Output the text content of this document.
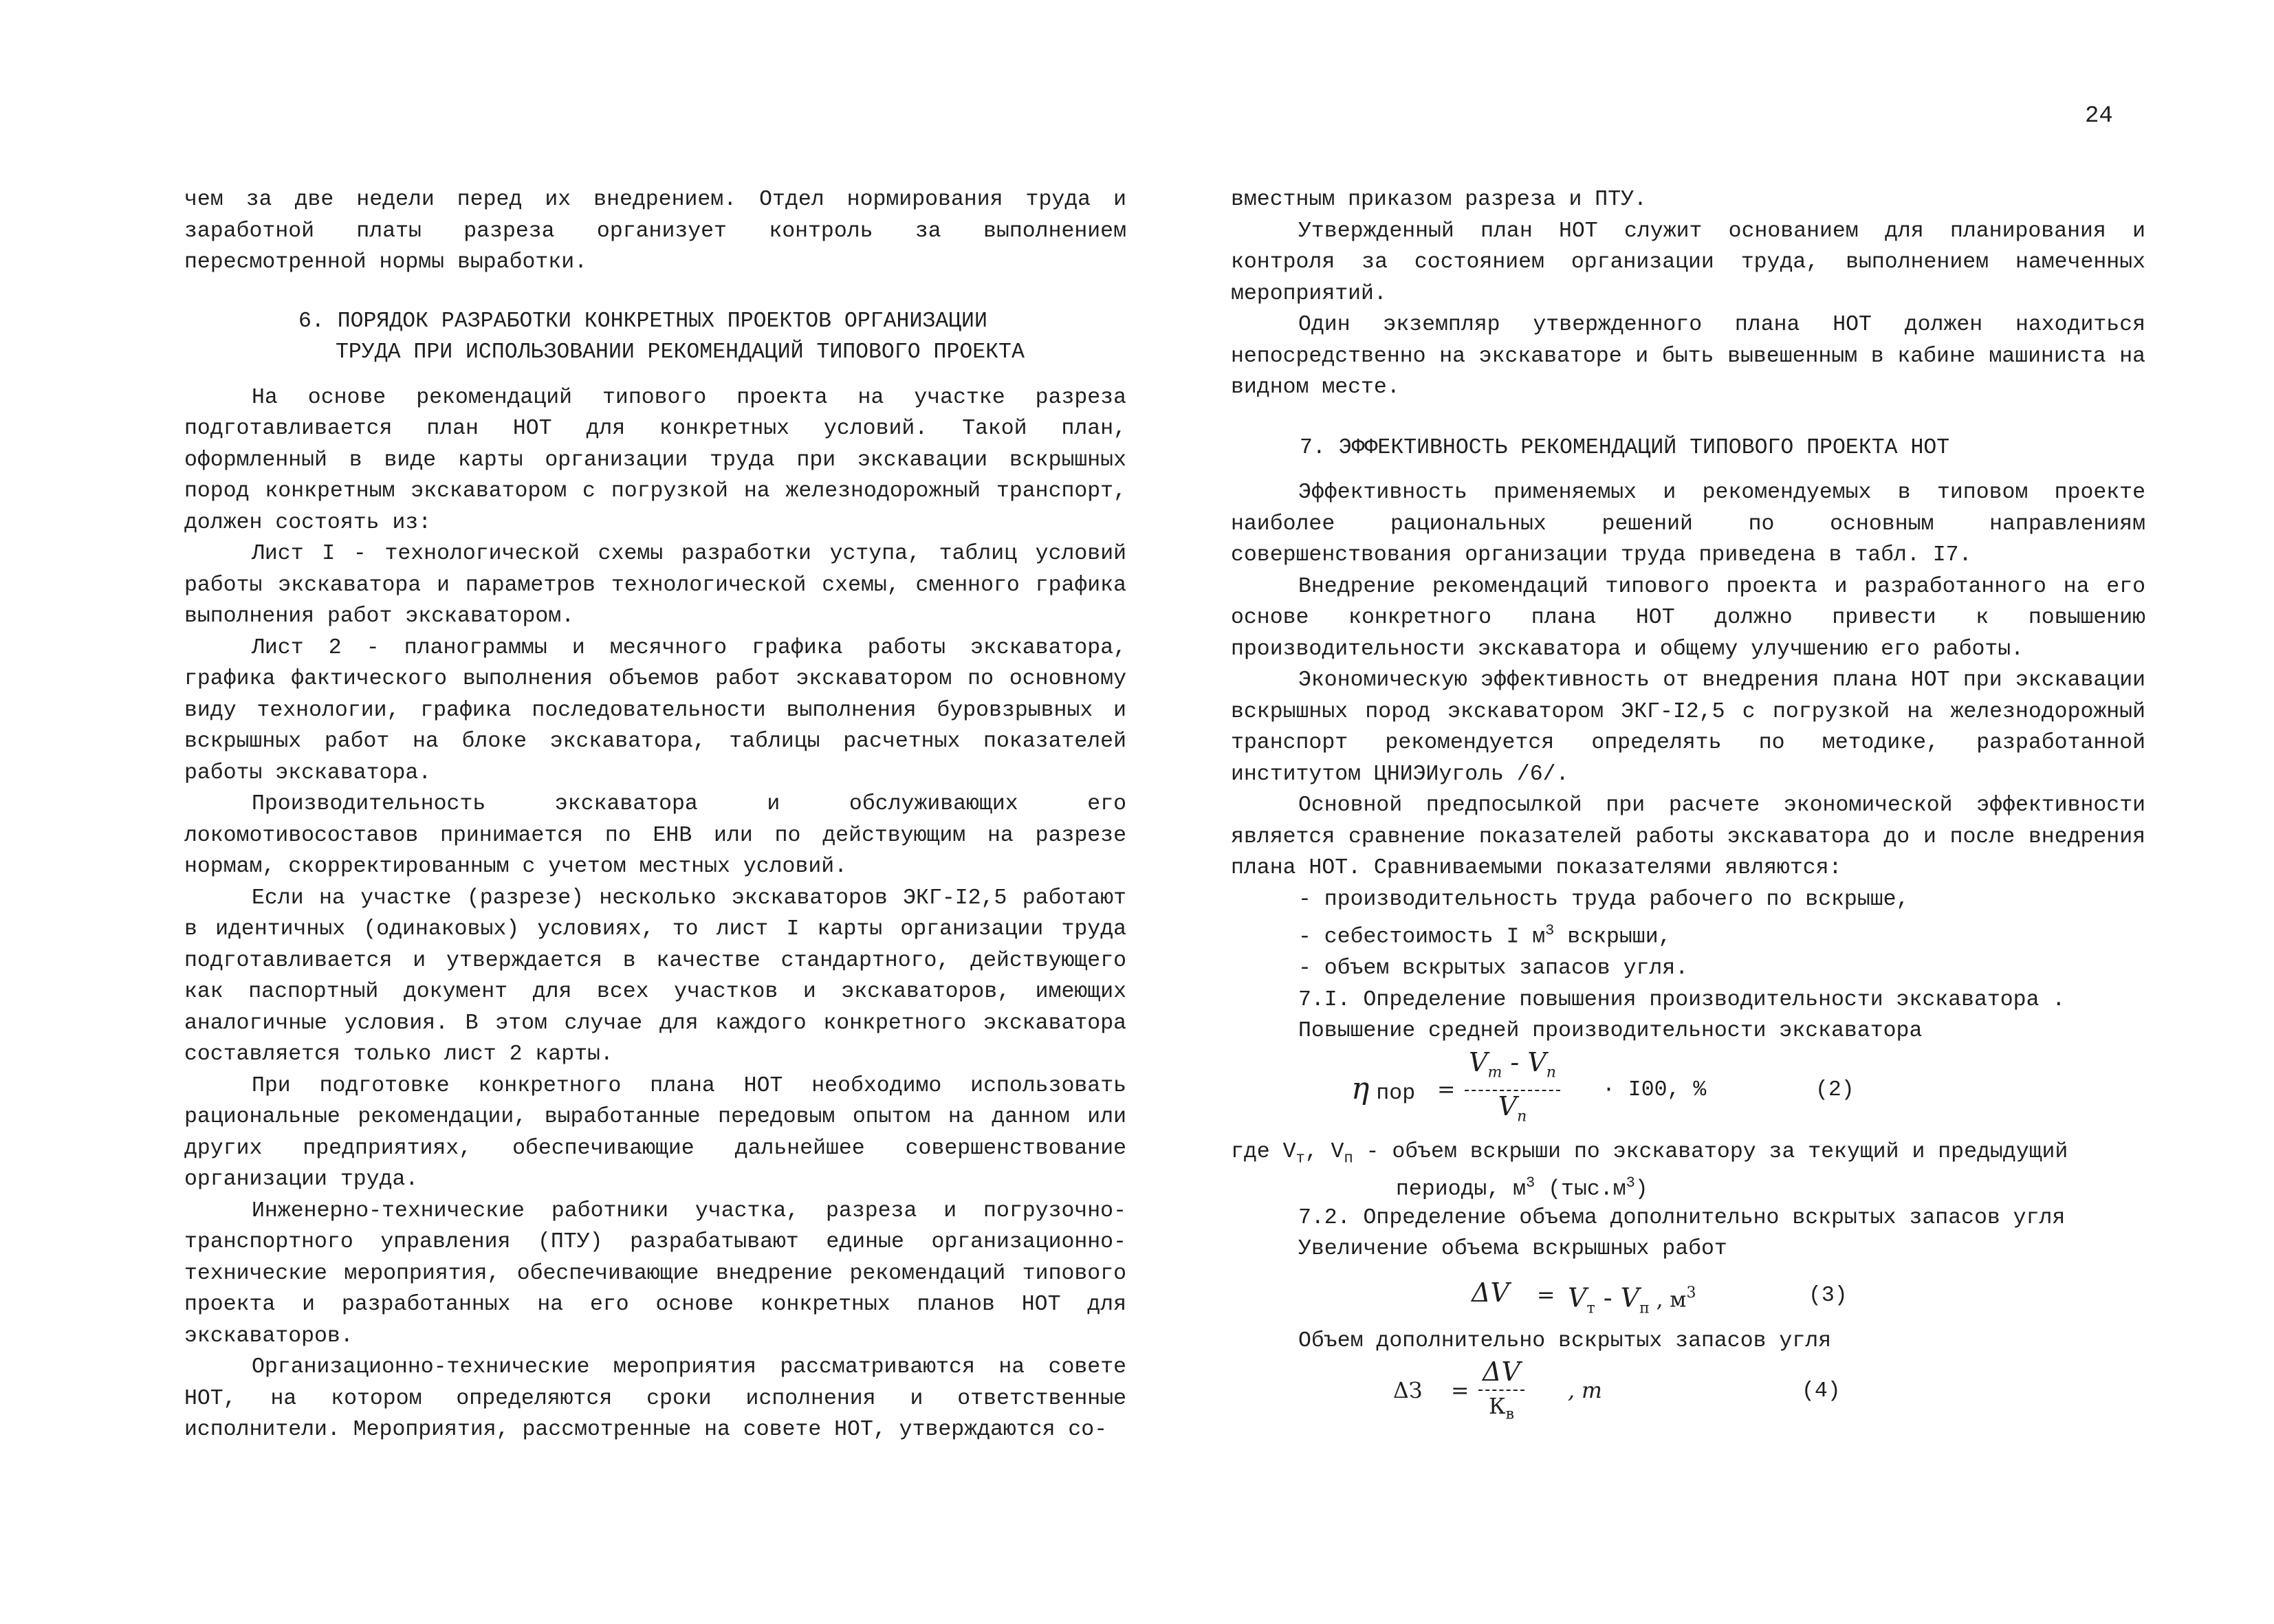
24

чем за две недели перед их внедрением. Отдел нормирования труда и заработной платы разреза организует контроль за выполнением пересмотренной нормы выработки.

6. ПОРЯДОК РАЗРАБОТКИ КОНКРЕТНЫХ ПРОЕКТОВ ОРГАНИЗАЦИИ
ТРУДА ПРИ ИСПОЛЬЗОВАНИИ РЕКОМЕНДАЦИЙ ТИПОВОГО ПРОЕКТА

На основе рекомендаций типового проекта на участке разреза подготавливается план НОТ для конкретных условий. Такой план, оформленный в виде карты организации труда при экскавации вскрышных пород конкретным экскаватором с погрузкой на железнодорожный транспорт, должен состоять из:

Лист I - технологической схемы разработки уступа, таблиц условий работы экскаватора и параметров технологической схемы, сменного графика выполнения работ экскаватором.

Лист 2 - планограммы и месячного графика работы экскаватора, графика фактического выполнения объемов работ экскаватором по основному виду технологии, графика последовательности выполнения буровзрывных и вскрышных работ на блоке экскаватора, таблицы расчетных показателей работы экскаватора.

Производительность экскаватора и обслуживающих его локомотивосоставов принимается по ЕНВ или по действующим на разрезе нормам, скорректированным с учетом местных условий.

Если на участке (разрезе) несколько экскаваторов ЭКГ-I2,5 работают в идентичных (одинаковых) условиях, то лист I карты организации труда подготавливается и утверждается в качестве стандартного, действующего как паспортный документ для всех участков и экскаваторов, имеющих аналогичные условия. В этом случае для каждого конкретного экскаватора составляется только лист 2 карты.

При подготовке конкретного плана НОТ необходимо использовать рациональные рекомендации, выработанные передовым опытом на данном или других предприятиях, обеспечивающие дальнейшее совершенствование организации труда.

Инженерно-технические работники участка, разреза и погрузочно-транспортного управления (ПТУ) разрабатывают единые организационно-технические мероприятия, обеспечивающие внедрение рекомендаций типового проекта и разработанных на его основе конкретных планов НОТ для экскаваторов.

Организационно-технические мероприятия рассматриваются на совете НОТ, на котором определяются сроки исполнения и ответственные исполнители. Мероприятия, рассмотренные на совете НОТ, утверждаются со-

вместным приказом разреза и ПТУ.

Утвержденный план НОТ служит основанием для планирования и контроля за состоянием организации труда, выполнением намеченных мероприятий.

Один экземпляр утвержденного плана НОТ должен находиться непосредственно на экскаваторе и быть вывешенным в кабине машиниста на видном месте.

7. ЭФФЕКТИВНОСТЬ РЕКОМЕНДАЦИЙ ТИПОВОГО ПРОЕКТА НОТ

Эффективность применяемых и рекомендуемых в типовом проекте наиболее рациональных решений по основным направлениям совершенствования организации труда приведена в табл. I7.

Внедрение рекомендаций типового проекта и разработанного на его основе конкретного плана НОТ должно привести к повышению производительности экскаватора и общему улучшению его работы.

Экономическую эффективность от внедрения плана НОТ при экскавации вскрышных пород экскаватором ЭКГ-I2,5 с погрузкой на железнодорожный транспорт рекомендуется определять по методике, разработанной институтом ЦНИЭИуголь /6/.

Основной предпосылкой при расчете экономической эффективности является сравнение показателей работы экскаватора до и после внедрения плана НОТ. Сравниваемыми показателями являются:

- производительность труда рабочего по вскрыше,
- себестоимость I $м^3$ вскрыши,
- объем вскрытых запасов угля.
7.I. Определение повышения производительности экскаватора .
Повышение средней производительности экскаватора
η пор =
$V_т - V_п$
$V_п$
· I00, %	(2)
где $V_т$, $V_п$ - объем вскрыши по экскаватору за текущий и предыдущий
периоды, $м^3$ $(тыс.м^3)$
7.2. Определение объема дополнительно вскрытых запасов угля
Увеличение объема вскрышных работ
$\Delta V = V_т - V_п$ , $м^3$	(3)
Объем дополнительно вскрытых запасов угля
ΔЗ =
ΔV
$К_в$
, т	(4)
